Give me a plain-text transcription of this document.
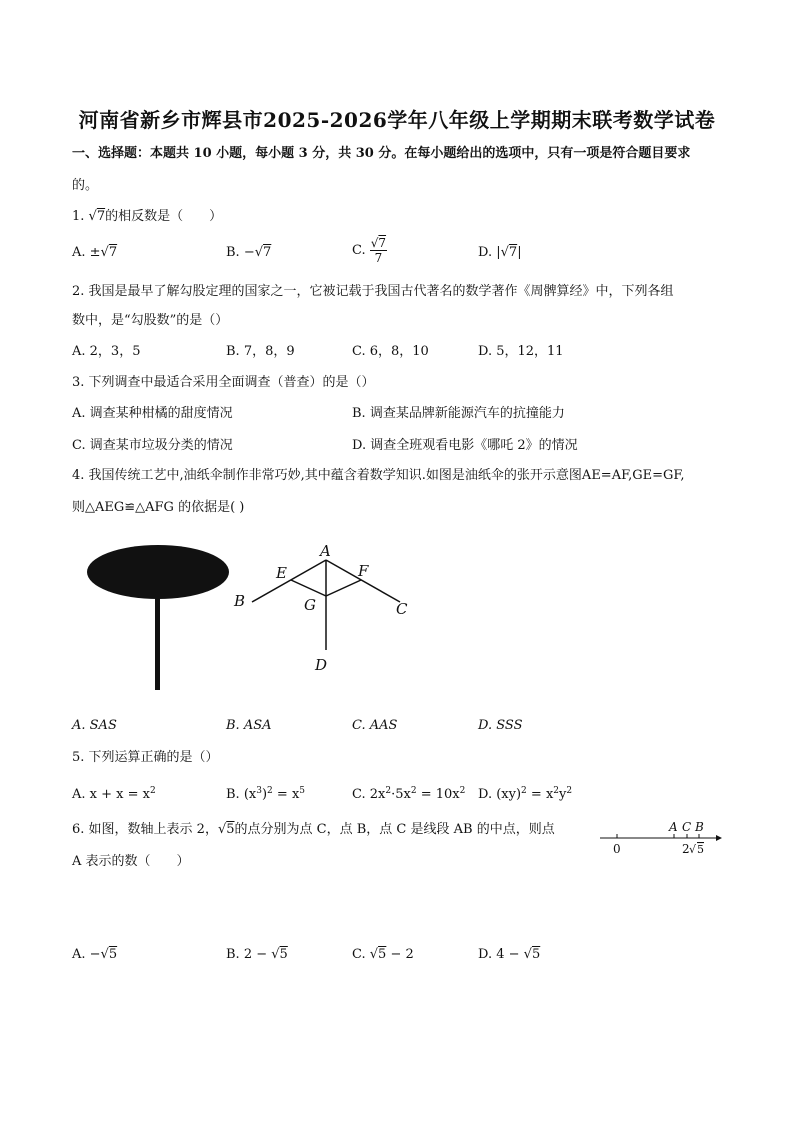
河南省新乡市辉县市2025-2026学年八年级上学期期末联考数学试卷
一、选择题：本题共 10 小题，每小题 3 分，共 30 分。在每小题给出的选项中，只有一项是符合题目要求
的。
1. √7的相反数是（　　）
A. ±√7	B. −√7	C. $\frac{√7}{7}$	D. |√7|
2. 我国是最早了解勾股定理的国家之一，它被记载于我国古代著名的数学著作《周髀算经》中，下列各组
数中，是“勾股数”的是（）
A. 2，3，5	B. 7，8，9	C. 6，8，10	D. 5，12，11
3. 下列调查中最适合采用全面调查（普查）的是（）
A. 调查某种柑橘的甜度情况	B. 调查某品牌新能源汽车的抗撞能力
C. 调查某市垃圾分类的情况	D. 调查全班观看电影《哪吒 2》的情况
4. 我国传统工艺中,油纸伞制作非常巧妙,其中蕴含着数学知识.如图是油纸伞的张开示意图AE=AF,GE=GF,
则△AEG≌△AFG 的依据是( )
A
B	C
D
E	F
G
A. SAS	B. ASA	C. AAS	D. SSS
5. 下列运算正确的是（）
A. $x + x = x^2$	B. $(x^3)^2 = x^5$	C. $2x^2\cdot 5x^2 = 10x^2$ D. $(xy)^2 = x^2y^2$
6. 如图，数轴上表示 2，√5的点分别为点 C，点 B，点 C 是线段 AB 的中点，则点
A 表示的数（　　）
0	2 √ 5
A C B
A. −√5	B. 2 − √5	C. √5 − 2	D. 4 − √5
